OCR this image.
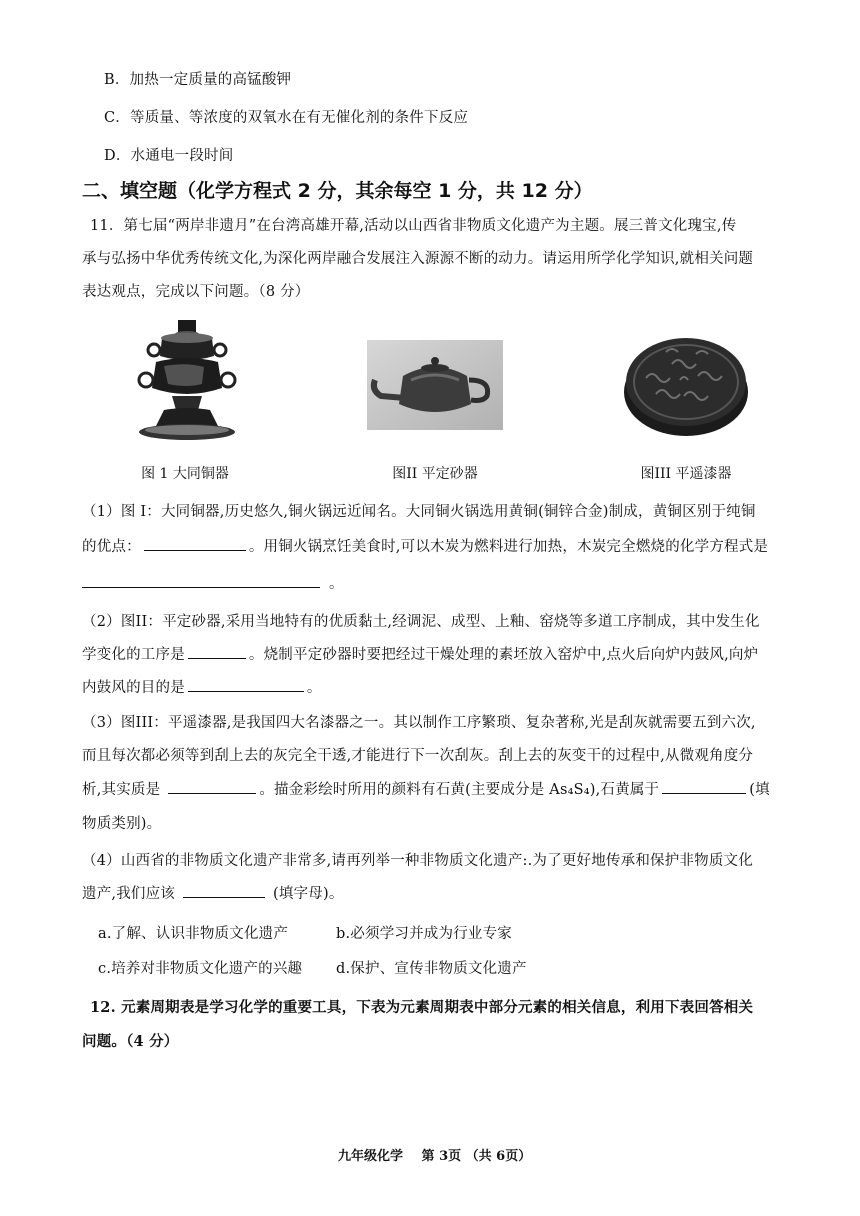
B．加热一定质量的高锰酸钾
C．等质量、等浓度的双氧水在有无催化剂的条件下反应
D．水通电一段时间
二、填空题（化学方程式 2 分，其余每空 1 分，共 12 分）
11．第七届“两岸非遗月”在台湾高雄开幕,活动以山西省非物质文化遗产为主题。展三普文化瑰宝,传
承与弘扬中华优秀传统文化,为深化两岸融合发展注入源源不断的动力。请运用所学化学知识,就相关问题
表达观点，完成以下问题。（8 分）
图 1 大同铜器	图II 平定砂器	图III 平遥漆器
（1）图 I：大同铜器,历史悠久,铜火锅远近闻名。大同铜火锅选用黄铜(铜锌合金)制成，黄铜区别于纯铜
的优点：	。用铜火锅烹饪美食时,可以木炭为燃料进行加热，木炭完全燃烧的化学方程式是
。
（2）图II：平定砂器,采用当地特有的优质黏土,经调泥、成型、上釉、窑烧等多道工序制成，其中发生化
学变化的工序是	。烧制平定砂器时要把经过干燥处理的素坯放入窑炉中,点火后向炉内鼓风,向炉
内鼓风的目的是	。
（3）图III：平遥漆器,是我国四大名漆器之一。其以制作工序繁琐、复杂著称,光是刮灰就需要五到六次,
而且每次都必须等到刮上去的灰完全干透,才能进行下一次刮灰。刮上去的灰变干的过程中,从微观角度分
析,其实质是	。描金彩绘时所用的颜料有石黄(主要成分是 As₄S₄),石黄属于	(填
物质类别)。
（4）山西省的非物质文化遗产非常多,请再列举一种非物质文化遗产:.为了更好地传承和保护非物质文化
遗产,我们应该	(填字母)。
a.了解、认识非物质文化遗产	b.必须学习并成为行业专家
c.培养对非物质文化遗产的兴趣 d.保护、宣传非物质文化遗产
12. 元素周期表是学习化学的重要工具，下表为元素周期表中部分元素的相关信息，利用下表回答相关
问题。（4 分）
九年级化学 第 3页 （共 6页）
